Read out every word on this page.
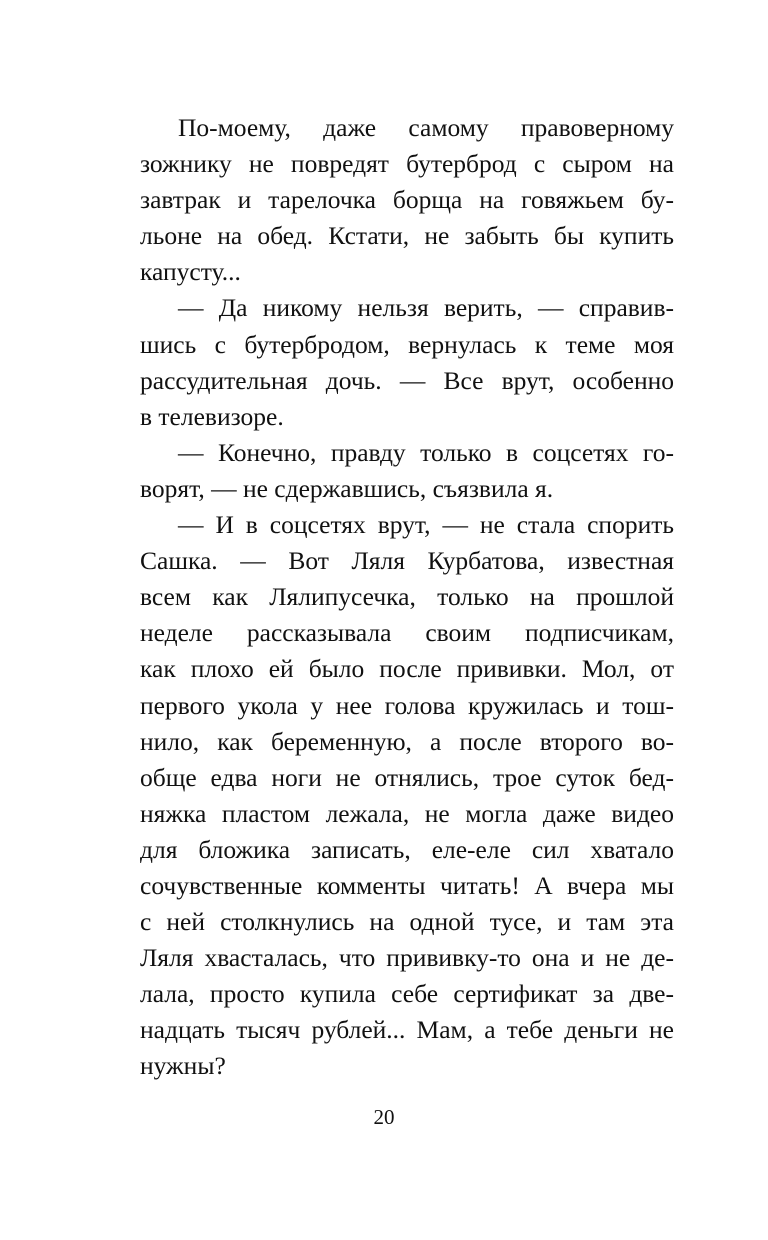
По-моему, даже самому правоверному
зожнику не повредят бутерброд с сыром на
завтрак и тарелочка борща на говяжьем бу-
льоне на обед. Кстати, не забыть бы купить
капусту...
— Да никому нельзя верить, — справив-
шись с бутербродом, вернулась к теме моя
рассудительная дочь. — Все врут, особенно
в телевизоре.
— Конечно, правду только в соцсетях го-
ворят, — не сдержавшись, съязвила я.
— И в соцсетях врут, — не стала спорить
Сашка. — Вот Ляля Курбатова, известная
всем как Лялипусечка, только на прошлой
неделе рассказывала своим подписчикам,
как плохо ей было после прививки. Мол, от
первого укола у нее голова кружилась и тош-
нило, как беременную, а после второго во-
обще едва ноги не отнялись, трое суток бед-
няжка пластом лежала, не могла даже видео
для бложика записать, еле-еле сил хватало
сочувственные комменты читать! А вчера мы
с ней столкнулись на одной тусе, и там эта
Ляля хвасталась, что прививку-то она и не де-
лала, просто купила себе сертификат за две-
надцать тысяч рублей... Мам, а тебе деньги не
нужны?
20
